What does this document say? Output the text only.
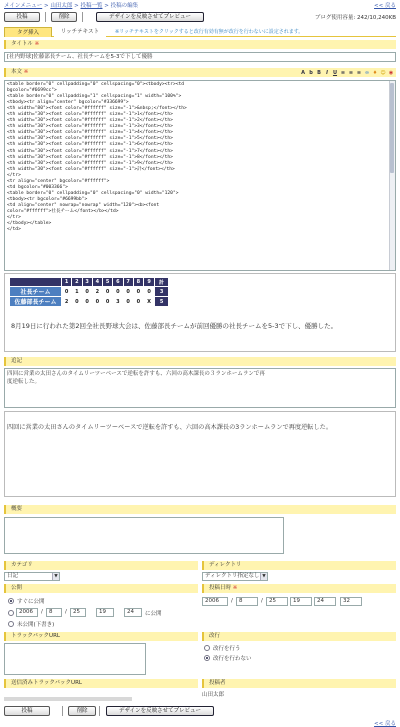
メインメニュー > 山田太郎 > 投稿一覧 > 投稿の編集	<< 戻る
投稿	削除	デザインを反映させてプレビュー	ブログ使用容量: 242/10,240KB
タグ挿入	リッチテキスト	※リッチテキストをクリックすると改行有効有無が改行を行わないに設定されます。
タイトル ※
[社内野球]佐藤部長チーム、社長チームを5-3で下して優勝
本文 ※	A b B	I	U ≡ ≡ ≡ ∞ ♦ ☺ ◉
<table border="0" cellpadding="0" cellspacing="0"><tbody><tr><td
bgcolor="#6699cc">
<table border="0" cellpadding="1" cellspacing="1" width="100%">
<tbody><tr align="center" bgcolor="#336699">
<th width="80"><font color="#ffffff" size="-1">&nbsp;</font></th>
<th width="30"><font color="#ffffff" size="-1">1</font></th>
<th width="30"><font color="#ffffff" size="-1">2</font></th>
<th width="30"><font color="#ffffff" size="-1">3</font></th>
<th width="30"><font color="#ffffff" size="-1">4</font></th>
<th width="30"><font color="#ffffff" size="-1">5</font></th>
<th width="30"><font color="#ffffff" size="-1">6</font></th>
<th width="30"><font color="#ffffff" size="-1">7</font></th>
<th width="30"><font color="#ffffff" size="-1">8</font></th>
<th width="30"><font color="#ffffff" size="-1">9</font></th>
<th width="30"><font color="#ffffff" size="-1">計</font></th>
</tr>
<tr align="center" bgcolor="#ffffff">
<td bgcolor="#003366">
<table border="0" cellpadding="0" cellspacing="0" width="120">
<tbody><tr bgcolor="#6699bb">
<td align="center" nowrap="nowrap" width="120"><b><font
color="#ffffff">社長チーム</font></b></td>
</tr>
</tbody></table>
</td>
	1	2	3	4	5	6	7	8	9	計
社長チーム	0	1	0	2	0	0	0	0	0	3
佐藤部長チーム	2	0	0	0	0	3	0	0	X	5
8月19日に行われた第2回全社長野球大会は、佐藤部長チームが前回優勝の社長チームを5-3で下し、優勝した。
追記
四回に営業の太田さんのタイムリーツーベースで逆転を許すも、六回の高木課長の３ランホームランで再度逆転した。
四回に営業の太田さんのタイムリーツーベースで逆転を許すも、六回の高木課長の3ランホームランで再度逆転した。
概要
カテゴリ	ディレクトリ
日記	▼	ディレクトリ指定なし ▼
公開	投稿日時 ※
すぐに公開
2006	/	8	/	25	19	24	に公開
未公開(下書き)
2006	/	8	/	25	19	24	32
トラックバックURL	改行
改行を行う
改行を行わない
送信済みトラックバックURL	投稿者
山田太郎
投稿	削除	デザインを反映させてプレビュー
<< 戻る
